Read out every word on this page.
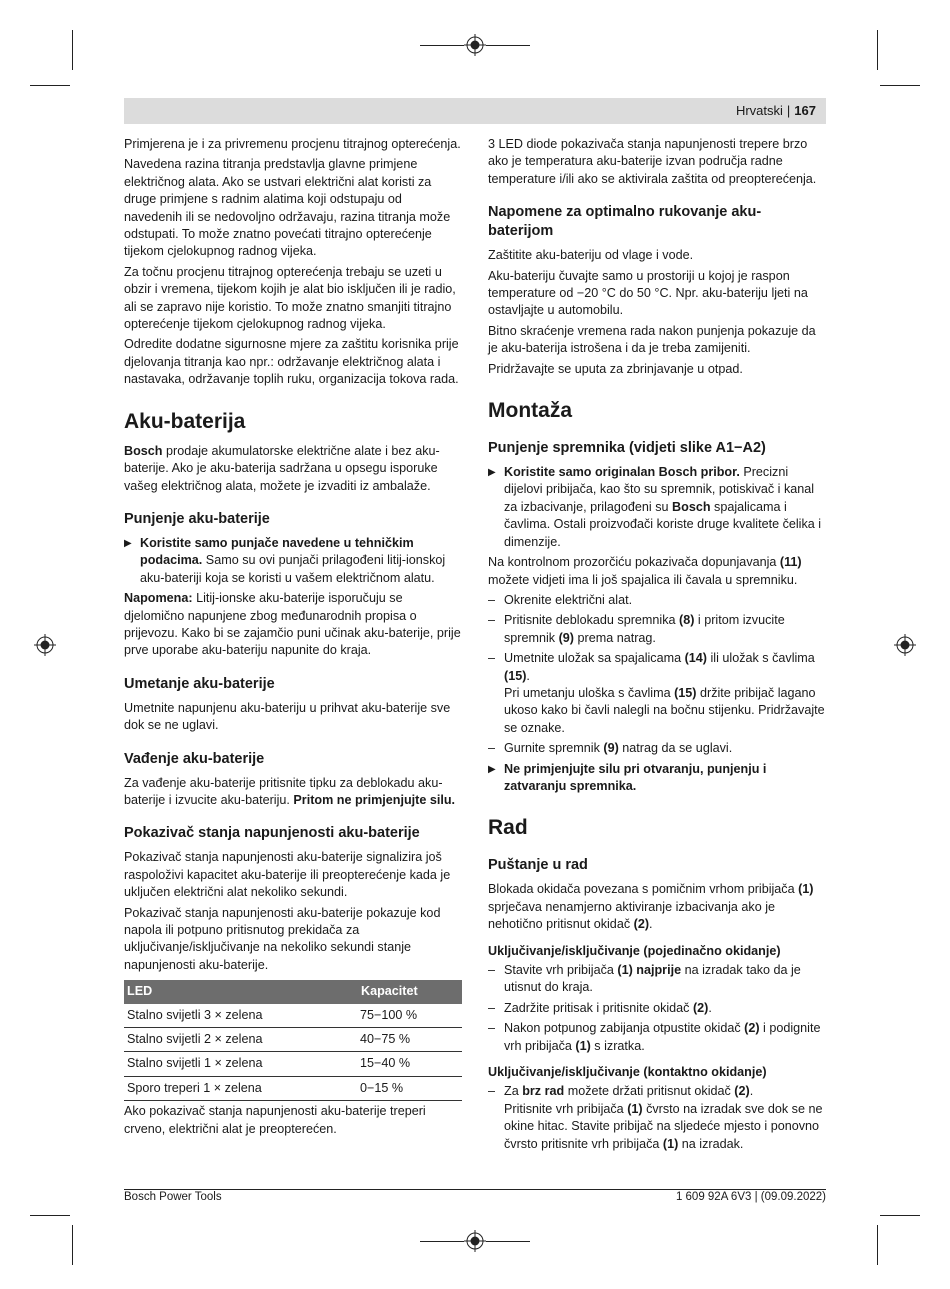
Hrvatski | 167

Primjerena je i za privremenu procjenu titrajnog opterećenja.

Navedena razina titranja predstavlja glavne primjene električnog alata. Ako se ustvari električni alat koristi za druge primjene s radnim alatima koji odstupaju od navedenih ili se nedovoljno održavaju, razina titranja može odstupati. To može znatno povećati titrajno opterećenje tijekom cjelokupnog radnog vijeka.

Za točnu procjenu titrajnog opterećenja trebaju se uzeti u obzir i vremena, tijekom kojih je alat bio isključen ili je radio, ali se zapravo nije koristio. To može znatno smanjiti titrajno opterećenje tijekom cjelokupnog radnog vijeka.

Odredite dodatne sigurnosne mjere za zaštitu korisnika prije djelovanja titranja kao npr.: održavanje električnog alata i nastavaka, održavanje toplih ruku, organizacija tokova rada.

Aku-baterija

Bosch prodaje akumulatorske električne alate i bez aku-baterije. Ako je aku-baterija sadržana u opsegu isporuke vašeg električnog alata, možete je izvaditi iz ambalaže.

Punjenje aku-baterije
▶ Koristite samo punjače navedene u tehničkim podacima. Samo su ovi punjači prilagođeni litij-ionskoj aku-bateriji koja se koristi u vašem električnom alatu.

Napomena: Litij-ionske aku-baterije isporučuju se djelomično napunjene zbog međunarodnih propisa o prijevozu. Kako bi se zajamčio puni učinak aku-baterije, prije prve uporabe aku-bateriju napunite do kraja.

Umetanje aku-baterije

Umetnite napunjenu aku-bateriju u prihvat aku-baterije sve dok se ne uglavi.

Vađenje aku-baterije

Za vađenje aku-baterije pritisnite tipku za deblokadu aku-baterije i izvucite aku-bateriju. Pritom ne primjenjujte silu.

Pokazivač stanja napunjenosti aku-baterije

Pokazivač stanja napunjenosti aku-baterije signalizira još raspoloživi kapacitet aku-baterije ili preopterećenje kada je uključen električni alat nekoliko sekundi.

Pokazivač stanja napunjenosti aku-baterije pokazuje kod napola ili potpuno pritisnutog prekidača za uključivanje/isključivanje na nekoliko sekundi stanje napunjenosti aku-baterije.

LED	Kapacitet
Stalno svijetli 3 × zelena	75−100 %
Stalno svijetli 2 × zelena	40−75 %
Stalno svijetli 1 × zelena	15−40 %
Sporo treperi 1 × zelena	0−15 %

Ako pokazivač stanja napunjenosti aku-baterije treperi crveno, električni alat je preopterećen.

3 LED diode pokazivača stanja napunjenosti trepere brzo ako je temperatura aku-baterije izvan područja radne temperature i/ili ako se aktivirala zaštita od preopterećenja.

Napomene za optimalno rukovanje aku-baterijom

Zaštitite aku-bateriju od vlage i vode.

Aku-bateriju čuvajte samo u prostoriji u kojoj je raspon temperature od −20 °C do 50 °C. Npr. aku-bateriju ljeti na ostavljajte u automobilu.

Bitno skraćenje vremena rada nakon punjenja pokazuje da je aku-baterija istrošena i da je treba zamijeniti.

Pridržavajte se uputa za zbrinjavanje u otpad.

Montaža
Punjenje spremnika (vidjeti slike A1−A2)
▶ Koristite samo originalan Bosch pribor. Precizni dijelovi pribijača, kao što su spremnik, potiskivač i kanal za izbacivanje, prilagođeni su Bosch spajalicama i čavlima. Ostali proizvođači koriste druge kvalitete čelika i dimenzije.

Na kontrolnom prozorčiću pokazivača dopunjavanja (11) možete vidjeti ima li još spajalica ili čavala u spremniku.

– Okrenite električni alat.
– Pritisnite deblokadu spremnika (8) i pritom izvucite spremnik (9) prema natrag.
– Umetnite uložak sa spajalicama (14) ili uložak s čavlima (15).
Pri umetanju uloška s čavlima (15) držite pribijač lagano ukoso kako bi čavli nalegli na bočnu stijenku. Pridržavajte se oznake.
– Gurnite spremnik (9) natrag da se uglavi.
▶ Ne primjenjujte silu pri otvaranju, punjenju i zatvaranju spremnika.
Rad
Puštanje u rad

Blokada okidača povezana s pomičnim vrhom pribijača (1) sprječava nenamjerno aktiviranje izbacivanja ako je nehotično pritisnut okidač (2).

Uključivanje/isključivanje (pojedinačno okidanje)
– Stavite vrh pribijača (1) najprije na izradak tako da je utisnut do kraja.
– Zadržite pritisak i pritisnite okidač (2).
– Nakon potpunog zabijanja otpustite okidač (2) i podignite vrh pribijača (1) s izratka.
Uključivanje/isključivanje (kontaktno okidanje)
– Za brz rad možete držati pritisnut okidač (2).
Pritisnite vrh pribijača (1) čvrsto na izradak sve dok se ne okine hitac. Stavite pribijač na sljedeće mjesto i ponovno čvrsto pritisnite vrh pribijača (1) na izradak.
Bosch Power Tools	1 609 92A 6V3 | (09.09.2022)
